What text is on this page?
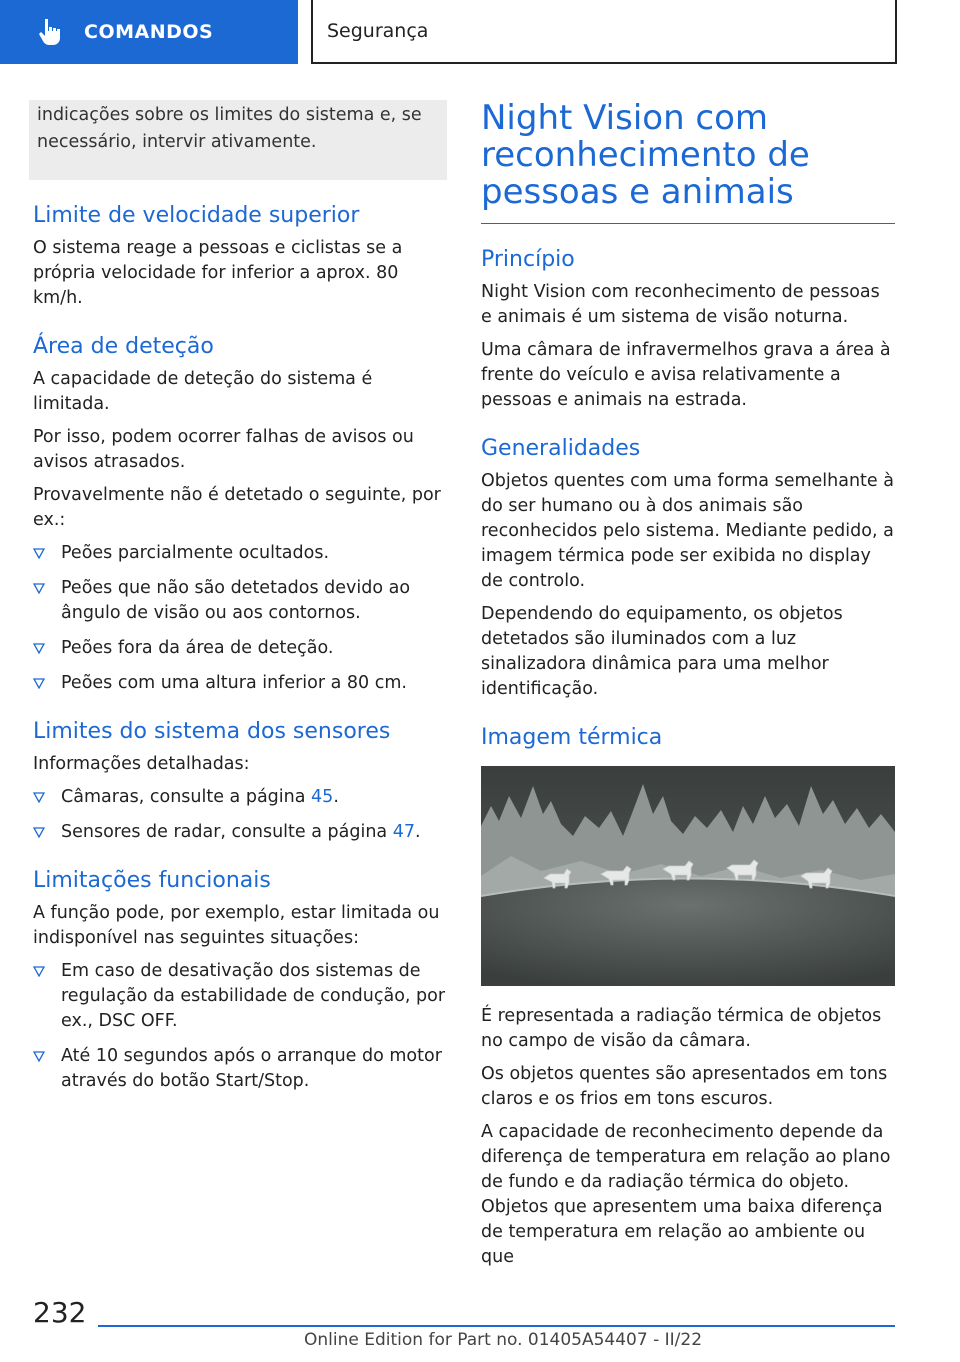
COMANDOS	Segurança
indicações sobre os limites do sistema e, se necessário, intervir ativamente.
Limite de velocidade superior

O sistema reage a pessoas e ciclistas se a própria velocidade for inferior a aprox. 80 km/h.

Área de deteção

A capacidade de deteção do sistema é limitada.

Por isso, podem ocorrer falhas de avisos ou avisos atrasados.

Provavelmente não é detetado o seguinte, por ex.:

Peões parcialmente ocultados.
Peões que não são detetados devido ao ângulo de visão ou aos contornos.
Peões fora da área de deteção.
Peões com uma altura inferior a 80 cm.
Limites do sistema dos sensores

Informações detalhadas:

Câmaras, consulte a página 45.
Sensores de radar, consulte a página 47.
Limitações funcionais

A função pode, por exemplo, estar limitada ou indisponível nas seguintes situações:

Em caso de desativação dos sistemas de regulação da estabilidade de condução, por ex., DSC OFF.
Até 10 segundos após o arranque do motor através do botão Start/Stop.
Night Vision com reconhecimento de pessoas e animais
Princípio

Night Vision com reconhecimento de pessoas e animais é um sistema de visão noturna.

Uma câmara de infravermelhos grava a área à frente do veículo e avisa relativamente a pessoas e animais na estrada.

Generalidades

Objetos quentes com uma forma semelhante à do ser humano ou à dos animais são reconhecidos pelo sistema. Mediante pedido, a imagem térmica pode ser exibida no display de controlo.

Dependendo do equipamento, os objetos detetados são iluminados com a luz sinalizadora dinâmica para uma melhor identificação.

Imagem térmica

É representada a radiação térmica de objetos no campo de visão da câmara.

Os objetos quentes são apresentados em tons claros e os frios em tons escuros.

A capacidade de reconhecimento depende da diferença de temperatura em relação ao plano de fundo e da radiação térmica do objeto. Objetos que apresentem uma baixa diferença de temperatura em relação ao ambiente ou que

232
Online Edition for Part no. 01405A54407 - II/22
